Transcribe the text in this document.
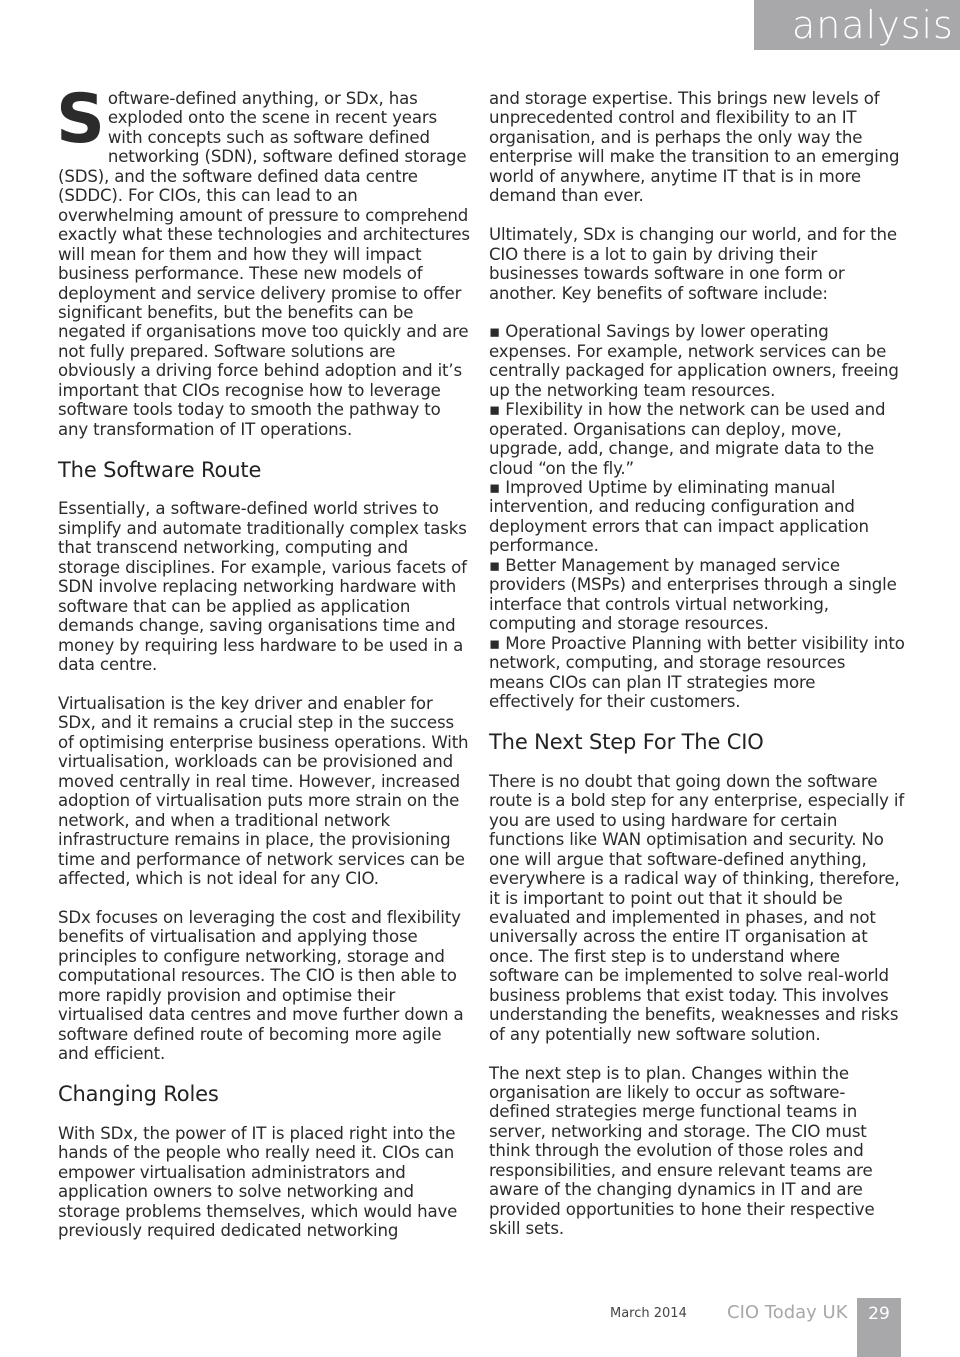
analysis

Software-defined anything, or SDx, has exploded onto the scene in recent years with concepts such as software defined networking (SDN), software defined storage (SDS), and the software defined data centre (SDDC). For CIOs, this can lead to an overwhelming amount of pressure to comprehend exactly what these technologies and architectures will mean for them and how they will impact business performance. These new models of deployment and service delivery promise to offer significant benefits, but the benefits can be negated if organisations move too quickly and are not fully prepared. Software solutions are obviously a driving force behind adoption and it’s important that CIOs recognise how to leverage software tools today to smooth the pathway to any transformation of IT operations.

The Software Route

Essentially, a software-defined world strives to simplify and automate traditionally complex tasks that transcend networking, computing and storage disciplines. For example, various facets of SDN involve replacing networking hardware with software that can be applied as application demands change, saving organisations time and money by requiring less hardware to be used in a data centre.

Virtualisation is the key driver and enabler for SDx, and it remains a crucial step in the success of optimising enterprise business operations. With virtualisation, workloads can be provisioned and moved centrally in real time. However, increased adoption of virtualisation puts more strain on the network, and when a traditional network infrastructure remains in place, the provisioning time and performance of network services can be affected, which is not ideal for any CIO.

SDx focuses on leveraging the cost and flexibility benefits of virtualisation and applying those principles to configure networking, storage and computational resources. The CIO is then able to more rapidly provision and optimise their virtualised data centres and move further down a software defined route of becoming more agile and efficient.

Changing Roles

With SDx, the power of IT is placed right into the hands of the people who really need it. CIOs can empower virtualisation administrators and application owners to solve networking and storage problems themselves, which would have previously required dedicated networking

and storage expertise. This brings new levels of unprecedented control and flexibility to an IT organisation, and is perhaps the only way the enterprise will make the transition to an emerging world of anywhere, anytime IT that is in more demand than ever.

Ultimately, SDx is changing our world, and for the CIO there is a lot to gain by driving their businesses towards software in one form or another. Key benefits of software include:

▪ Operational Savings by lower operating expenses. For example, network services can be centrally packaged for application owners, freeing up the networking team resources.
▪ Flexibility in how the network can be used and operated. Organisations can deploy, move, upgrade, add, change, and migrate data to the cloud “on the fly.”
▪ Improved Uptime by eliminating manual intervention, and reducing configuration and deployment errors that can impact application performance.
▪ Better Management by managed service providers (MSPs) and enterprises through a single interface that controls virtual networking, computing and storage resources.
▪ More Proactive Planning with better visibility into network, computing, and storage resources means CIOs can plan IT strategies more effectively for their customers.
The Next Step For The CIO

There is no doubt that going down the software route is a bold step for any enterprise, especially if you are used to using hardware for certain functions like WAN optimisation and security. No one will argue that software-defined anything, everywhere is a radical way of thinking, therefore, it is important to point out that it should be evaluated and implemented in phases, and not universally across the entire IT organisation at once. The first step is to understand where software can be implemented to solve real-world business problems that exist today. This involves understanding the benefits, weaknesses and risks of any potentially new software solution.

The next step is to plan. Changes within the organisation are likely to occur as software-defined strategies merge functional teams in server, networking and storage. The CIO must think through the evolution of those roles and responsibilities, and ensure relevant teams are aware of the changing dynamics in IT and are provided opportunities to hone their respective skill sets.

March 2014 CIO Today UK	29
